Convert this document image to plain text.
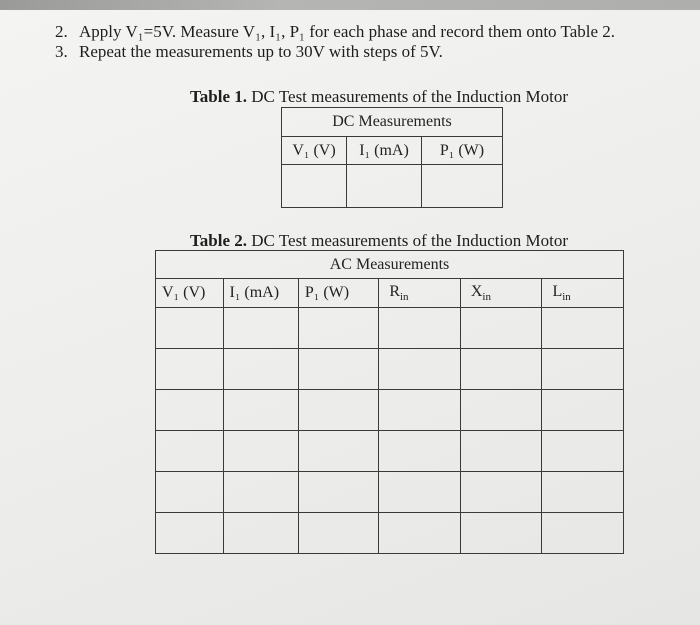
2. Apply V₁=5V. Measure V₁, I₁, P₁ for each phase and record them onto Table 2.
3. Repeat the measurements up to 30V with steps of 5V.
Table 1. DC Test measurements of the Induction Motor
DC Measurements		
V₁ (V)	I₁ (mA)	P₁ (W)

Table 2. DC Test measurements of the Induction Motor
AC Measurements					
V₁ (V)	I₁ (mA)	P₁ (W)	$R_{in}$	$X_{in}$	$L_{in}$
